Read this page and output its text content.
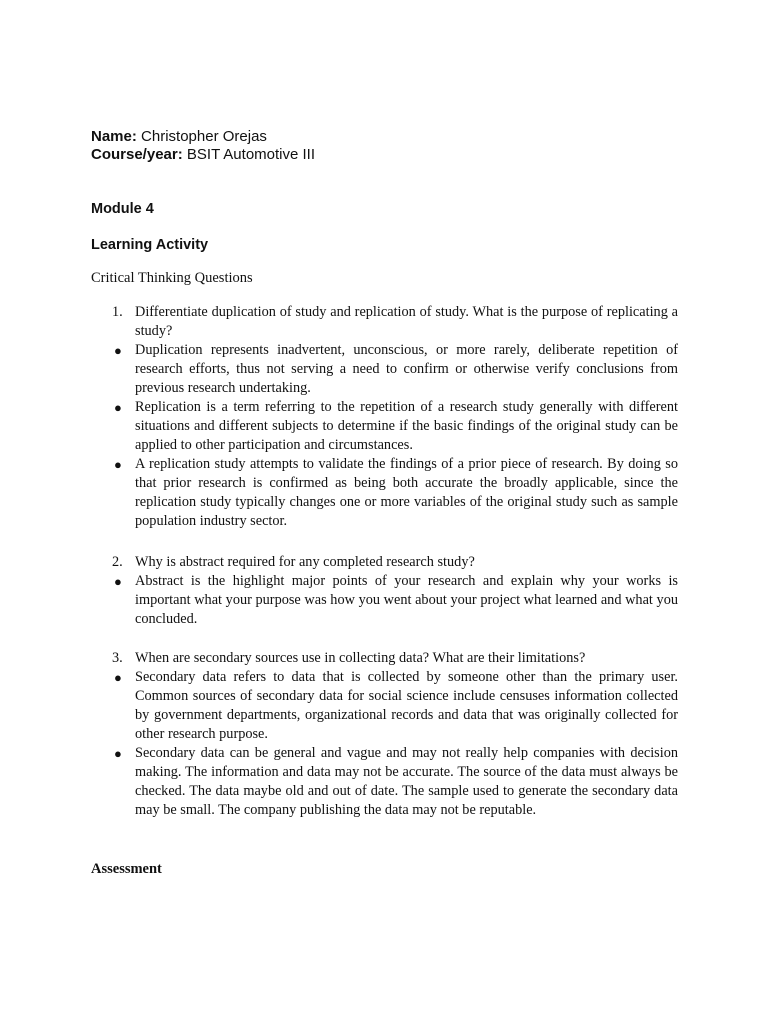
Name: Christopher Orejas
Course/year: BSIT Automotive III
Module 4
Learning Activity
Critical Thinking Questions
1. Differentiate duplication of study and replication of study. What is the purpose of replicating a study?
● Duplication represents inadvertent, unconscious, or more rarely, deliberate repetition of research efforts, thus not serving a need to confirm or otherwise verify conclusions from previous research undertaking.
● Replication is a term referring to the repetition of a research study generally with different situations and different subjects to determine if the basic findings of the original study can be applied to other participation and circumstances.
● A replication study attempts to validate the findings of a prior piece of research. By doing so that prior research is confirmed as being both accurate the broadly applicable, since the replication study typically changes one or more variables of the original study such as sample population industry sector.
2. Why is abstract required for any completed research study?
● Abstract is the highlight major points of your research and explain why your works is important what your purpose was how you went about your project what learned and what you concluded.
3. When are secondary sources use in collecting data? What are their limitations?
● Secondary data refers to data that is collected by someone other than the primary user. Common sources of secondary data for social science include censuses information collected by government departments, organizational records and data that was originally collected for other research purpose.
● Secondary data can be general and vague and may not really help companies with decision making. The information and data may not be accurate. The source of the data must always be checked. The data maybe old and out of date. The sample used to generate the secondary data may be small. The company publishing the data may not be reputable.
Assessment
